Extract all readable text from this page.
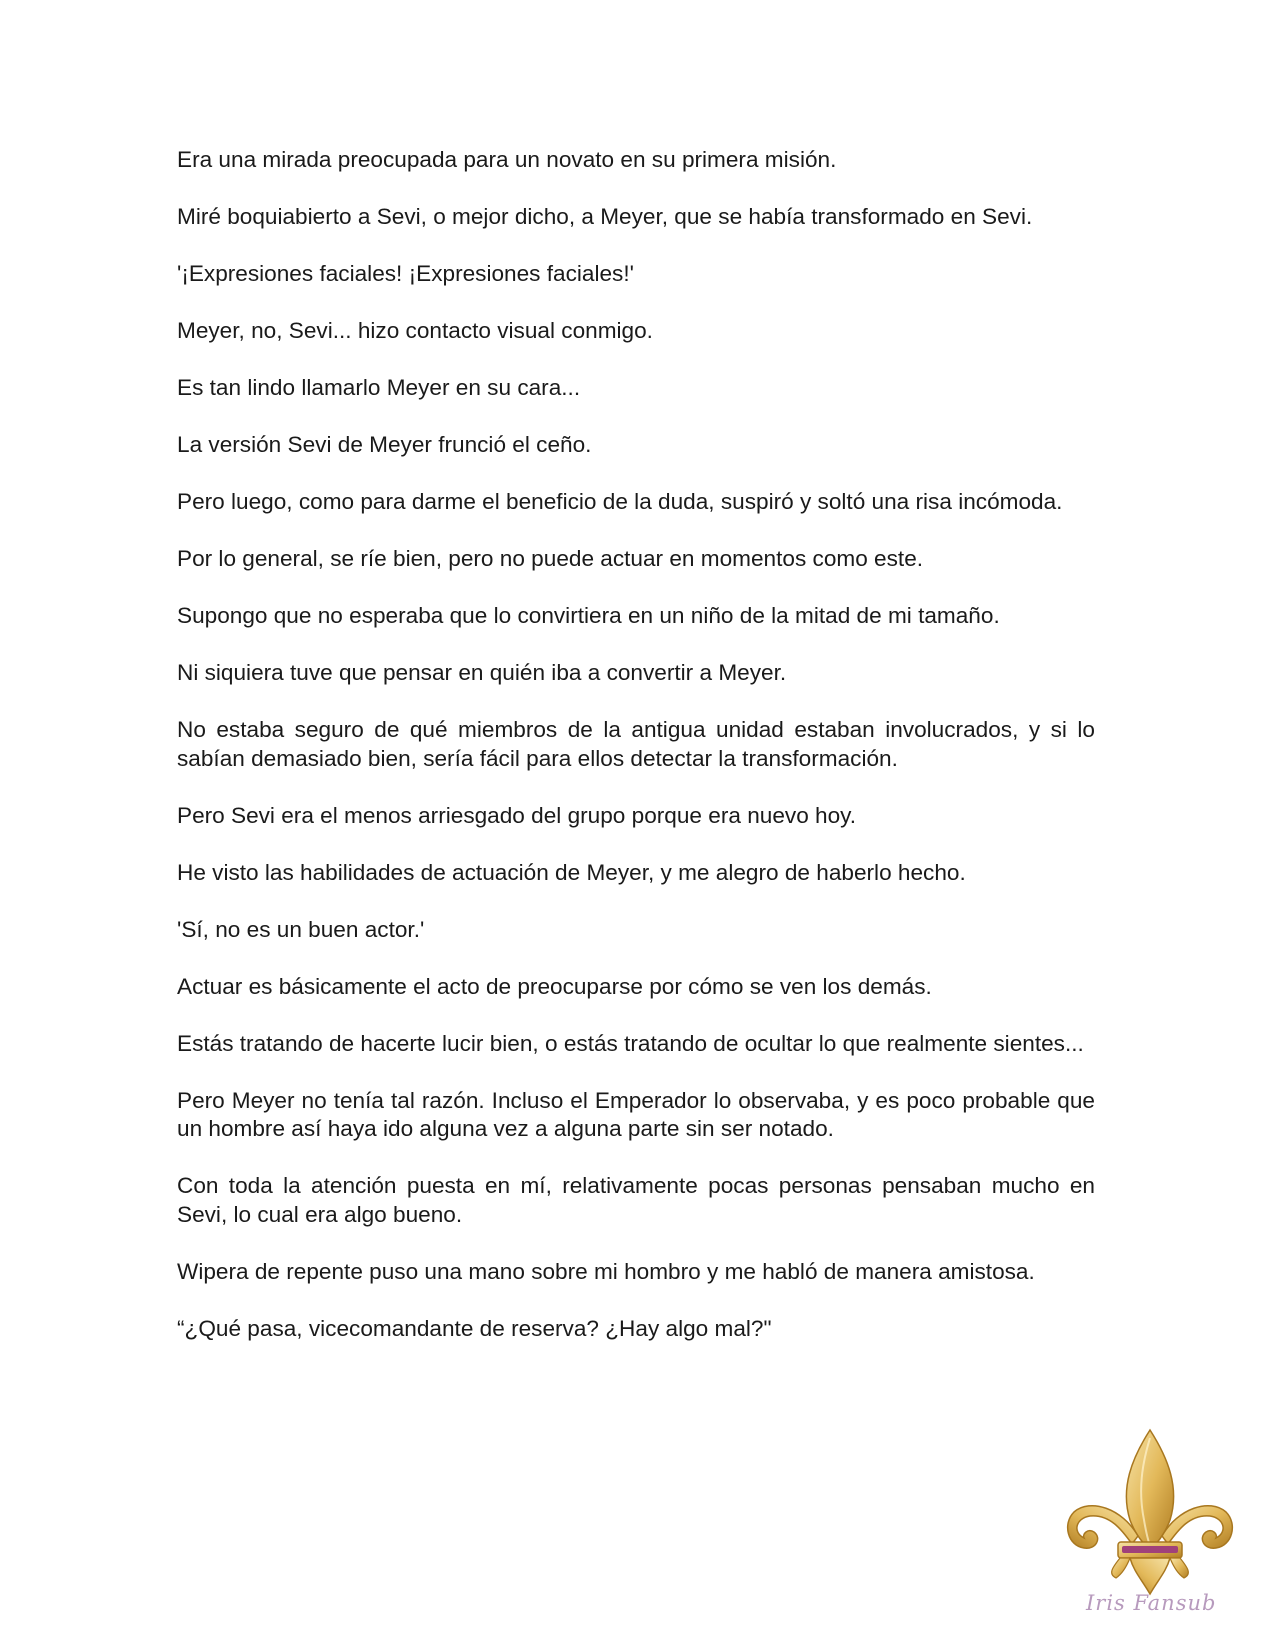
Era una mirada preocupada para un novato en su primera misión.

Miré boquiabierto a Sevi, o mejor dicho, a Meyer, que se había transformado en Sevi.

'¡Expresiones faciales! ¡Expresiones faciales!'

Meyer, no, Sevi... hizo contacto visual conmigo.

Es tan lindo llamarlo Meyer en su cara...

La versión Sevi de Meyer frunció el ceño.

Pero luego, como para darme el beneficio de la duda, suspiró y soltó una risa incómoda.

Por lo general, se ríe bien, pero no puede actuar en momentos como este.

Supongo que no esperaba que lo convirtiera en un niño de la mitad de mi tamaño.

Ni siquiera tuve que pensar en quién iba a convertir a Meyer.

No estaba seguro de qué miembros de la antigua unidad estaban involucrados, y si lo sabían demasiado bien, sería fácil para ellos detectar la transformación.

Pero Sevi era el menos arriesgado del grupo porque era nuevo hoy.

He visto las habilidades de actuación de Meyer, y me alegro de haberlo hecho.

'Sí, no es un buen actor.'

Actuar es básicamente el acto de preocuparse por cómo se ven los demás.

Estás tratando de hacerte lucir bien, o estás tratando de ocultar lo que realmente sientes...

Pero Meyer no tenía tal razón. Incluso el Emperador lo observaba, y es poco probable que un hombre así haya ido alguna vez a alguna parte sin ser notado.

Con toda la atención puesta en mí, relativamente pocas personas pensaban mucho en Sevi, lo cual era algo bueno.

Wipera de repente puso una mano sobre mi hombro y me habló de manera amistosa.

“¿Qué pasa, vicecomandante de reserva? ¿Hay algo mal?"

Iris Fansub
